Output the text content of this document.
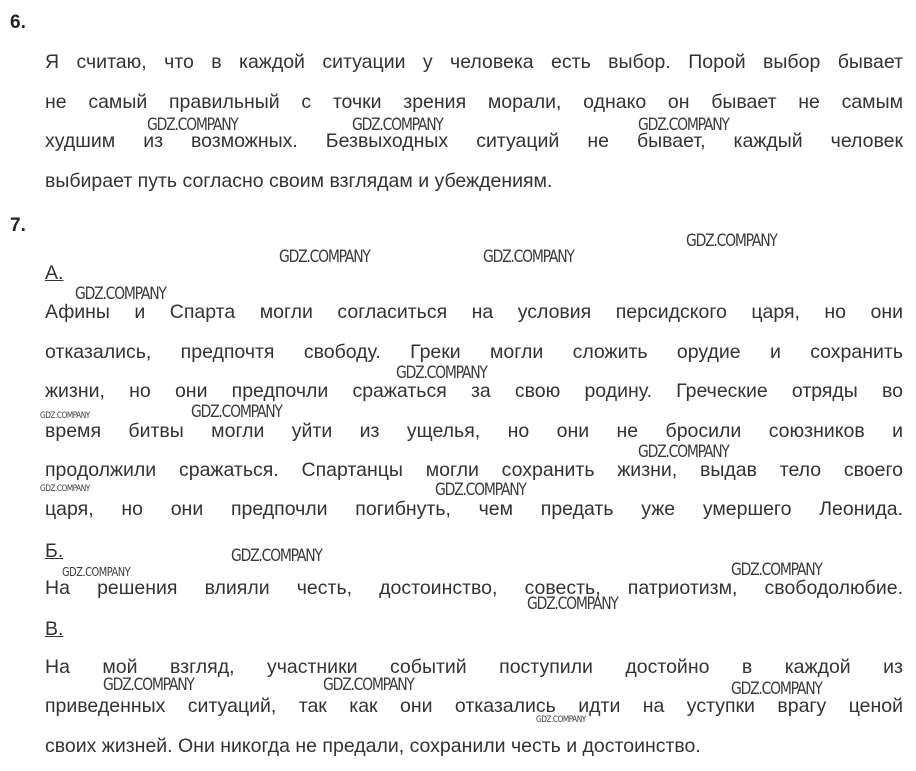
6.
Я считаю, что в каждой ситуации у человека есть выбор. Порой выбор бывает
не самый правильный с точки зрения морали, однако он бывает не самым
худшим из возможных. Безвыходных ситуаций не бывает, каждый человек
выбирает путь согласно своим взглядам и убеждениям.
7.
А.
Афины и Спарта могли согласиться на условия персидского царя, но они
отказались, предпочтя свободу. Греки могли сложить орудие и сохранить
жизни, но они предпочли сражаться за свою родину. Греческие отряды во
время битвы могли уйти из ущелья, но они не бросили союзников и
продолжили сражаться. Спартанцы могли сохранить жизни, выдав тело своего
царя, но они предпочли погибнуть, чем предать уже умершего Леонида.
Б.
На решения влияли честь, достоинство, совесть, патриотизм, свободолюбие.
В.
На мой взгляд, участники событий поступили достойно в каждой из
приведенных ситуаций, так как они отказались идти на уступки врагу ценой
своих жизней. Они никогда не предали, сохранили честь и достоинство.
GDZ.COMPANY	GDZ.COMPANY	GDZ.COMPANY
GDZ.COMPANY
GDZ.COMPANY	GDZ.COMPANY
GDZ.COMPANY
GDZ.COMPANY
GDZ.COMPANY
GDZ.COMPANY
GDZ.COMPANY
GDZ.COMPANY
GDZ.COMPANY
GDZ.COMPANY
GDZ.COMPANY	GDZ.COMPANY
GDZ.COMPANY
GDZ.COMPANY	GDZ.COMPANY	GDZ.COMPANY
GDZ.COMPANY
